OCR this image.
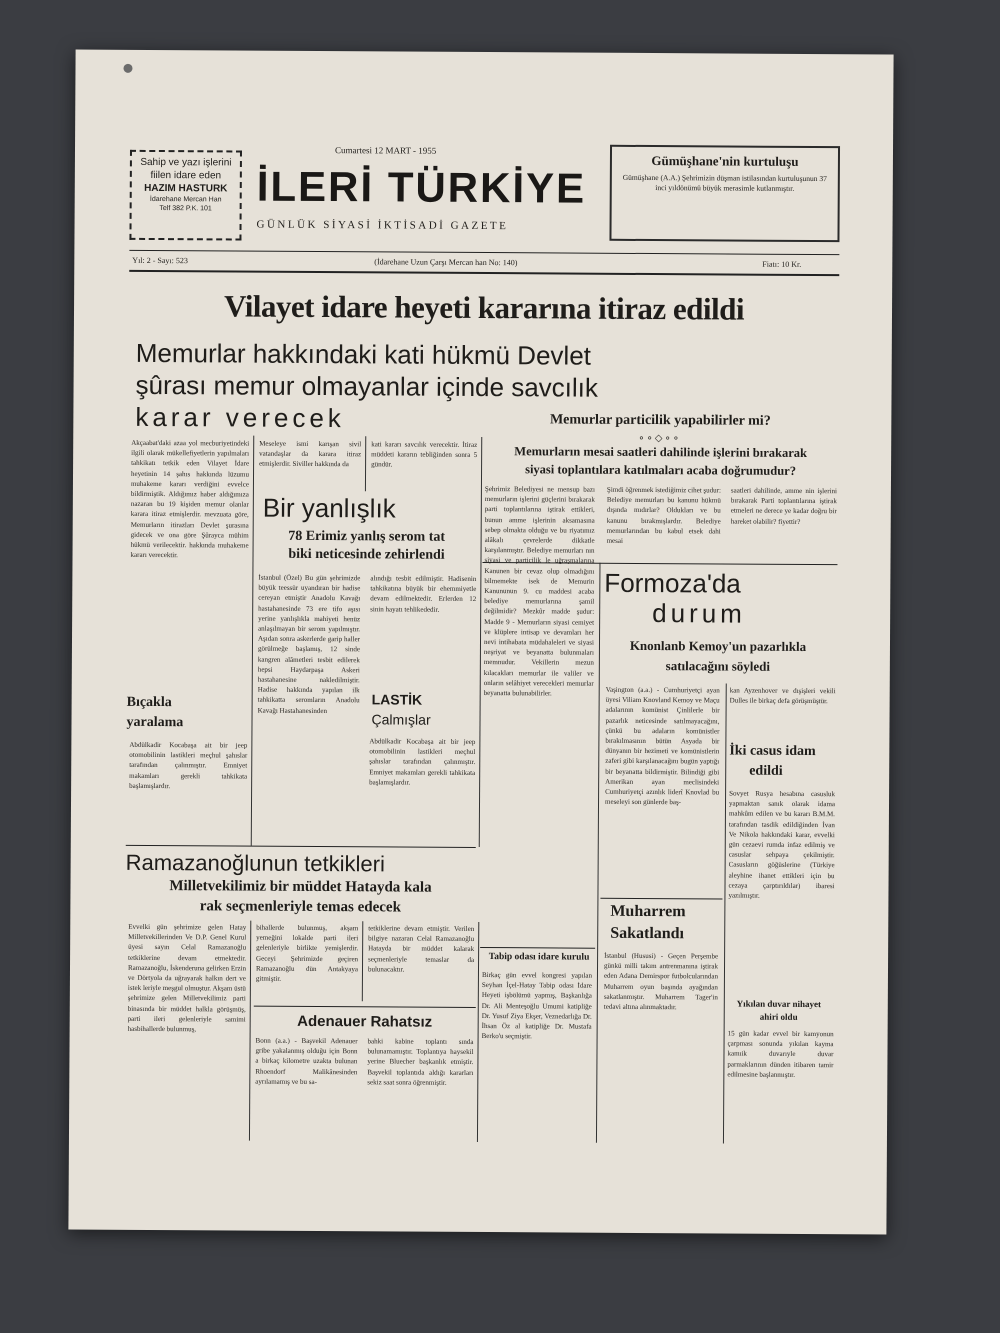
Sahip ve yazı işlerini
fiilen idare eden
HAZIM HASTURK
İdarehane Mercan Han
Telf 382 P.K. 101
Cumartesi 12 MART - 1955
İLERİ TÜRKİYE
GÜNLÜK SİYASİ İKTİSADİ GAZETE
Gümüşhane'nin kurtuluşu
Gümüşhane (A.A.) Şehrimizin düşman istilasından kurtuluşunun 37 inci yıldönümü büyük merasimle kutlanmıştır.
Yıl: 2 - Sayı: 523	(İdarehane Uzun Çarşı Mercan han No: 140)	Fiatı: 10 Kr.
Vilayet idare heyeti kararına itiraz edildi
Memurlar hakkındaki kati hükmü Devlet
şûrası memur olmayanlar içinde savcılık
karar verecek	Memurlar particilik yapabilirler mi?
∘∘◇∘∘
Memurların mesai saatleri dahilinde işlerini bırakarak
siyasi toplantılara katılmaları acaba doğrumudur?
Akçaabat'daki azaa yol mecburiyetindeki ilgili olarak mükellefiyetlerin yapılmaları tahkikatı tetkik eden Vilayet İdare heyetinin 14 şahıs hakkında lüzumu muhakeme kararı verdiğini evvelce bildirmiştik. Aldığımız haber aldığımıza nazaran bu 19 kişiden memur olanlar karara itiraz etmişlerdir. mevzuata göre, Memurların itirazları Devlet şurasına gidecek ve ona göre Şûrayca mühim hükmü verilecektir. hakkında muhakeme kararı verecektir.
Meseleye ismi karışan sivil vatandaşlar da karara itiraz etmişlerdir. Siviller hakkında da
kati kararı savcılık verecektir. İtiraz müddeti kararın tebliğinden sonra 5 gündür.
Bir yanlışlık
78 Erimiz yanlış serom tat
biki neticesinde zehirlendi
İstanbul (Özel) Bu gün şehrimizde büyük teessür uyandıran bir hadise cereyan etmiştir Anadolu Kavağı hastahanesinde 73 ere tifo aşısı yerine yanlışlıkla mahiyeti henüz anlaşılmayan bir serom yapılmıştır. Aşıdan sonra askerlerde garip haller görülmeğe başlamış, 12 sinde kangren alâmetleri tesbit edilerek hepsi Haydarpaşa Askeri hastahanesine nakledilmiştir. Hadise hakkında yapılan ilk tahkikatta seromların Anadolu Kavağı Hastahanesinden
alındığı tesbit edilmiştir. Hadisenin tahkikatına büyük bir ehemmiyetle devam edilmektedir. Erlerden 12 sinin hayatı tehlikededir.
Bıçakla
yaralama
Abdülkadir Kocabaşa ait bir jeep otomobilinin lastikleri meçhul şahıslar tarafından çalınmıştır. Emniyet makamları gerekli tahkikata başlamışlardır.
LASTİK
Çalmışlar
Abdülkadir Kocabaşa ait bir jeep otomobilinin lastikleri meçhul şahıslar tarafından çalınmıştır. Emniyet makamları gerekli tahkikata başlamışlardır.
Şehrimiz Belediyesi ne mensup bazı memurların işlerini güçlerini bırakarak parti toplantılarına iştirak ettikleri, bunun amme işlerinin aksamasına sebep olmakta olduğu ve bu riyatımız alâkalı çevrelerde dikkatle karşılanmıştır. Belediye memurları nın siyasi ve particilik le uğraşmalarına Kanunen bir cevaz olup olmadığını bilmemekte isek de Memurin Kanununun 9. cu maddesi acaba belediye memurlarına şamil değilmidir? Mezkûr madde şudur: Madde 9 - Memurların siyasi cemiyet ve klüplere intisap ve devamları her nevi intihabata müdahaleleri ve siyasi neşriyat ve beyanatta bulunmaları memnudur. Vekillerin mezun kılacakları memurlar ile valiler ve onların selâhiyet verecekleri memurlar beyanatta bulunabilirler.
Şimdi öğrenmek istediğimiz cihet şudur: Belediye memurları bu kanunu hükmü dışında mıdırlar? Oldukları ve bu kanunu bırakmışlardır. Belediye memurlarından bu kabul etsek dahi mesai
saatleri dahilinde, amme nin işlerini bırakarak Parti toplantılarına iştirak etmeleri ne derece ye kadar doğru bir hareket olabilir? fiyettir?
Formoza'da
durum
Knonlanb Kemoy'un pazarlıkla
satılacağını söyledi
Vaşington (a.a.) - Cumhuriyetçi ayan üyesi Viliam Knovland Kemoy ve Maçu adalarının komünist Çinlilerle bir pazarlık neticesinde satılmayacağını, çünkü bu adaların komünistler bırakılmasının bütün Asyada bir dünyanın bir hezimeti ve komünistlerin zaferi gibi karşılanacağını bugün yaptığı bir beyanatta bildirmiştir. Bilindiği gibi Amerikan ayan meclisindeki Cumhuriyetçi azınlık liderî Knovlad bu meseleyi son günlerde baş-
kan Ayzenhover ve dışişleri vekili Dulles ile birkaç defa görüşmüştür.
İki casus idam
edildi
Sovyet Rusya hesabına casusluk yapmaktan sanık olarak idama mahkûm edilen ve bu kararı B.M.M. tarafından tasdik edildiğinden İvan Ve Nikola hakkındaki karar, evvelki gün cezaevi rumda infaz edilmiş ve casuslar sehpaya çekilmiştir. Casusların göğüslerine (Türkiye aleyhine ihanet ettikleri için bu cezaya çarptırıldılar) ibaresi yazılmıştır.
Yıkılan duvar nihayet
ahiri oldu
15 gün kadar evvel bir kamyonun çarpması sonunda yıkılan kayma kamıik duvarıyle duvar parmaklarının dünden itibaren tamir edilmesine başlanmıştır.
Ramazanoğlunun tetkikleri
Milletvekilimiz bir müddet Hatayda kala
rak seçmenleriyle temas edecek
Evvelki gün şehrimize gelen Hatay Milletvekillerinden Ve D.P. Genel Kurul üyesi sayın Celal Ramazanoğlu tetkiklerine devam etmektedir. Ramazanoğlu, İskenderuna gelirken Erzin ve Dörtyola da uğrayarak halkın dert ve istek leriyle meşgul olmuştur. Akşam üstü şehrimize gelen Milletvekilimiz parti binasında bir müddet halkla görüşmüş, parti ileri gelenleriyle samimi hasbihallerde bulunmuş,
bihallerde bulunmuş, akşam yemeğini lokalde parti ileri gelenleriyle birlikte yemişlerdir. Geceyi Şehrimizde geçiren Ramazanoğlu dün Antakyaya gitmiştir.
tetkiklerine devam etmiştir. Verilen bilgiye nazaran Celal Ramazanoğlu Hatayda bir müddet kalarak seçmenleriyle temaslar da bulunacaktır.
Adenauer Rahatsız
Bonn (a.a.) - Başvekil Adenauer gribe yakalanmış olduğu için Bonn a birkaç kilometre uzakta bulunan Rhoendorf Malikânesinden ayrılamamış ve bu sa-
bahki kabine toplantı sında bulunamamıştır. Toplantıya haysekil yerine Bluecher başkanlık etmiştir. Başvekil toplantıda aldığı kararları sekiz saat sonra öğrenmiştir.
Tabip odası idare kurulu
Birkaç gün evvel kongresi yapılan Seyhan İçel-Hatay Tabip odası İdare Heyeti işbölümü yapmış, Başkanlığa Dr. Ali Menteşoğlu Umumi katipliğe Dr. Yusuf Ziya Ekşer, Veznedarlığa Dr. İhsan Öz al katipliğe Dr. Mustafa Berko'u seçmiştir.
Muharrem
Sakatlandı
İstanbul (Hususi) - Geçen Perşembe günkü milli takım antrenmanına iştirak eden Adana Demirspor futbolcularından Muharrem oyun başında ayağından sakatlanmıştır. Muharrem Tager'in tedavi altına alınmaktadır.
